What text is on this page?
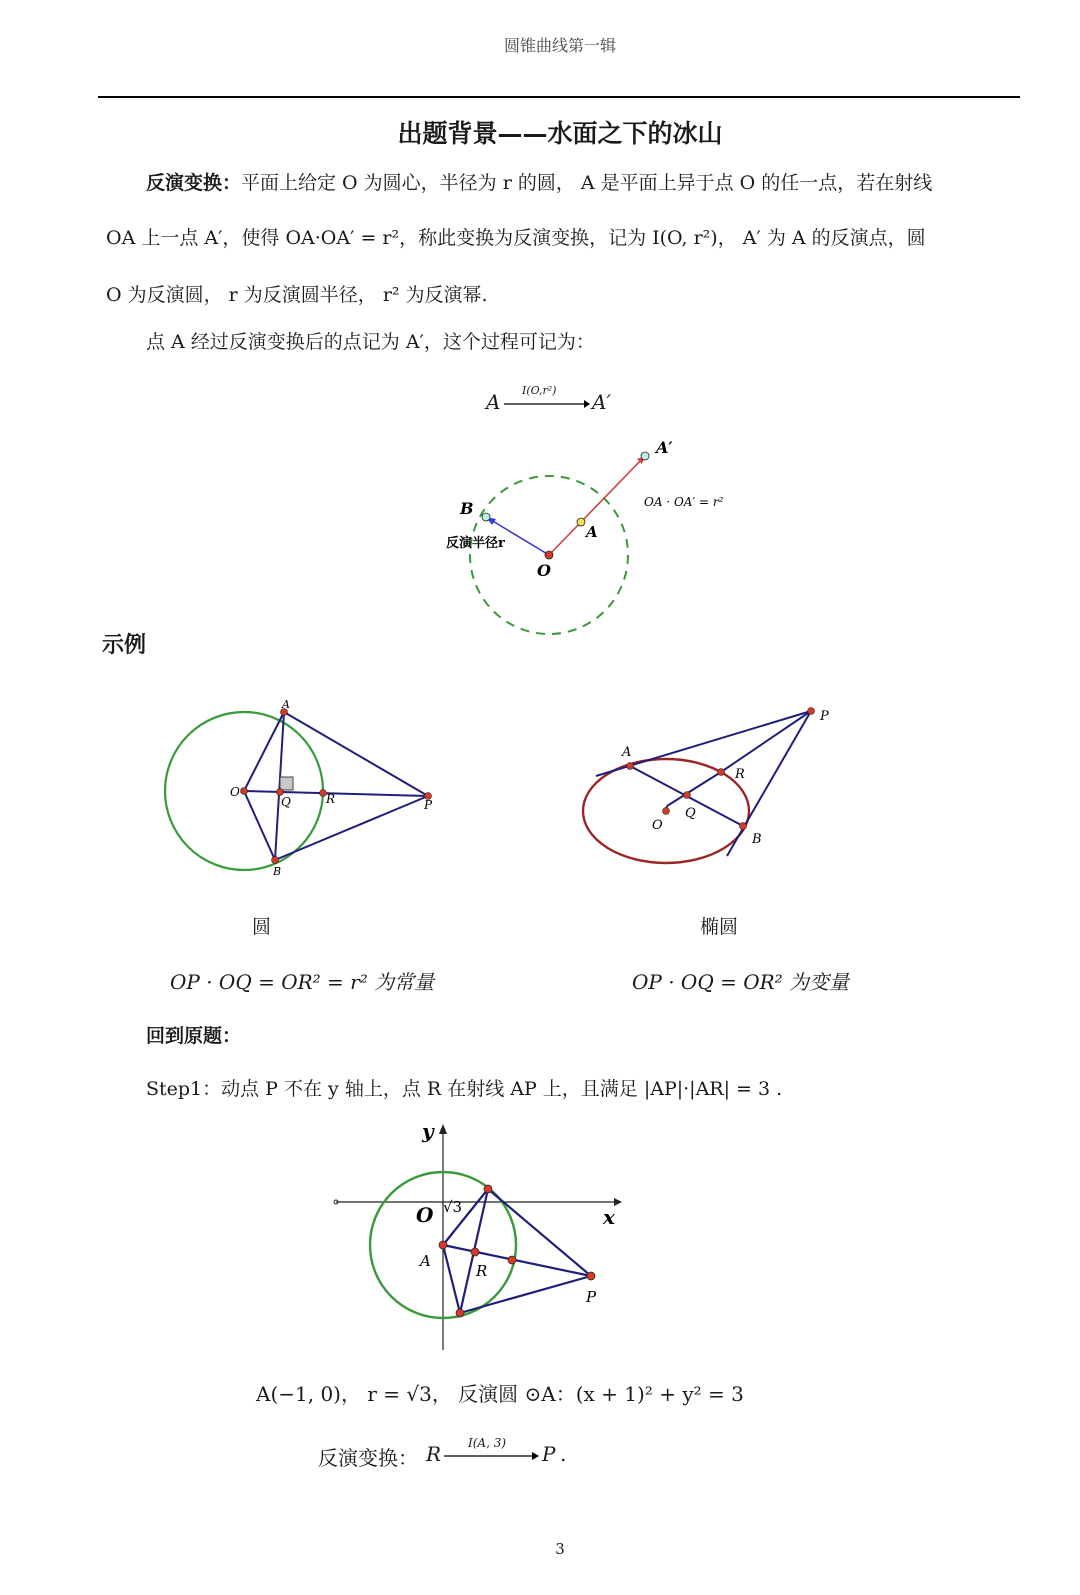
圆锥曲线第一辑
出题背景——水面之下的冰山
反演变换：平面上给定 O 为圆心，半径为 r 的圆， A 是平面上异于点 O 的任一点，若在射线
OA 上一点 A′，使得 OA·OA′ = r²，称此变换为反演变换，记为 I(O, r²)， A′ 为 A 的反演点，圆
O 为反演圆， r 为反演圆半径， r² 为反演幂.
点 A 经过反演变换后的点记为 A′，这个过程可记为：
A I(O,r²) A′
O
A
B
A′
反演半径r
OA · OA′ = r²
示例
A
B
O
Q	R	P
圆
OP · OQ = OR² = r² 为常量
A
B
O
Q
R
P
椭圆
OP · OQ = OR² 为变量
回到原题：
Step1：动点 P 不在 y 轴上，点 R 在射线 AP 上，且满足 |AP|·|AR| = 3 .
y
x
O √3
A
R
P
A(−1, 0)， r = √3， 反演圆 ⊙A：(x + 1)² + y² = 3
反演变换： R I(A, 3) P .
3
